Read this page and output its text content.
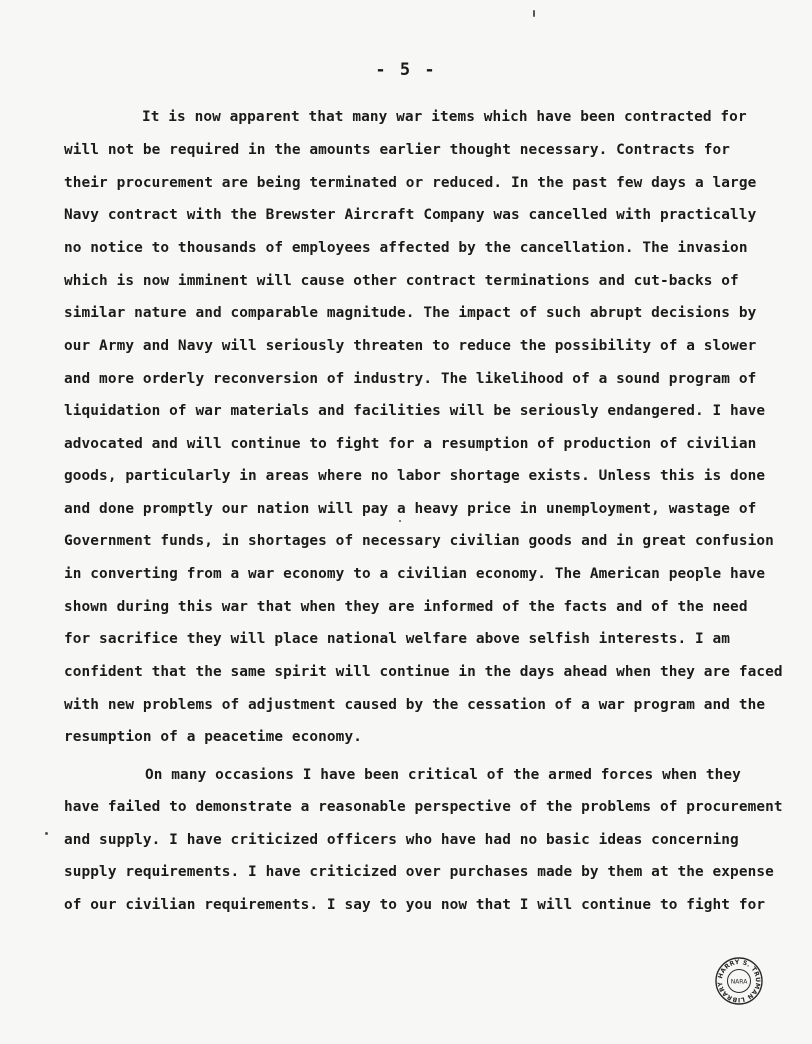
- 5 -
It is now apparent that many war items which have been contracted for
will not be required in the amounts earlier thought necessary. Contracts for
their procurement are being terminated or reduced. In the past few days a large
Navy contract with the Brewster Aircraft Company was cancelled with practically
no notice to thousands of employees affected by the cancellation. The invasion
which is now imminent will cause other contract terminations and cut-backs of
similar nature and comparable magnitude. The impact of such abrupt decisions by
our Army and Navy will seriously threaten to reduce the possibility of a slower
and more orderly reconversion of industry. The likelihood of a sound program of
liquidation of war materials and facilities will be seriously endangered. I have
advocated and will continue to fight for a resumption of production of civilian
goods, particularly in areas where no labor shortage exists. Unless this is done
and done promptly our nation will pay a heavy price in unemployment, wastage of
Government funds, in shortages of necessary civilian goods and in great confusion
in converting from a war economy to a civilian economy. The American people have
shown during this war that when they are informed of the facts and of the need
for sacrifice they will place national welfare above selfish interests. I am
confident that the same spirit will continue in the days ahead when they are faced
with new problems of adjustment caused by the cessation of a war program and the
resumption of a peacetime economy.
On many occasions I have been critical of the armed forces when they
have failed to demonstrate a reasonable perspective of the problems of procurement
and supply. I have criticized officers who have had no basic ideas concerning
supply requirements. I have criticized over purchases made by them at the expense
of our civilian requirements. I say to you now that I will continue to fight for
HARRY S. TRUMAN LIBRARY	NARA
